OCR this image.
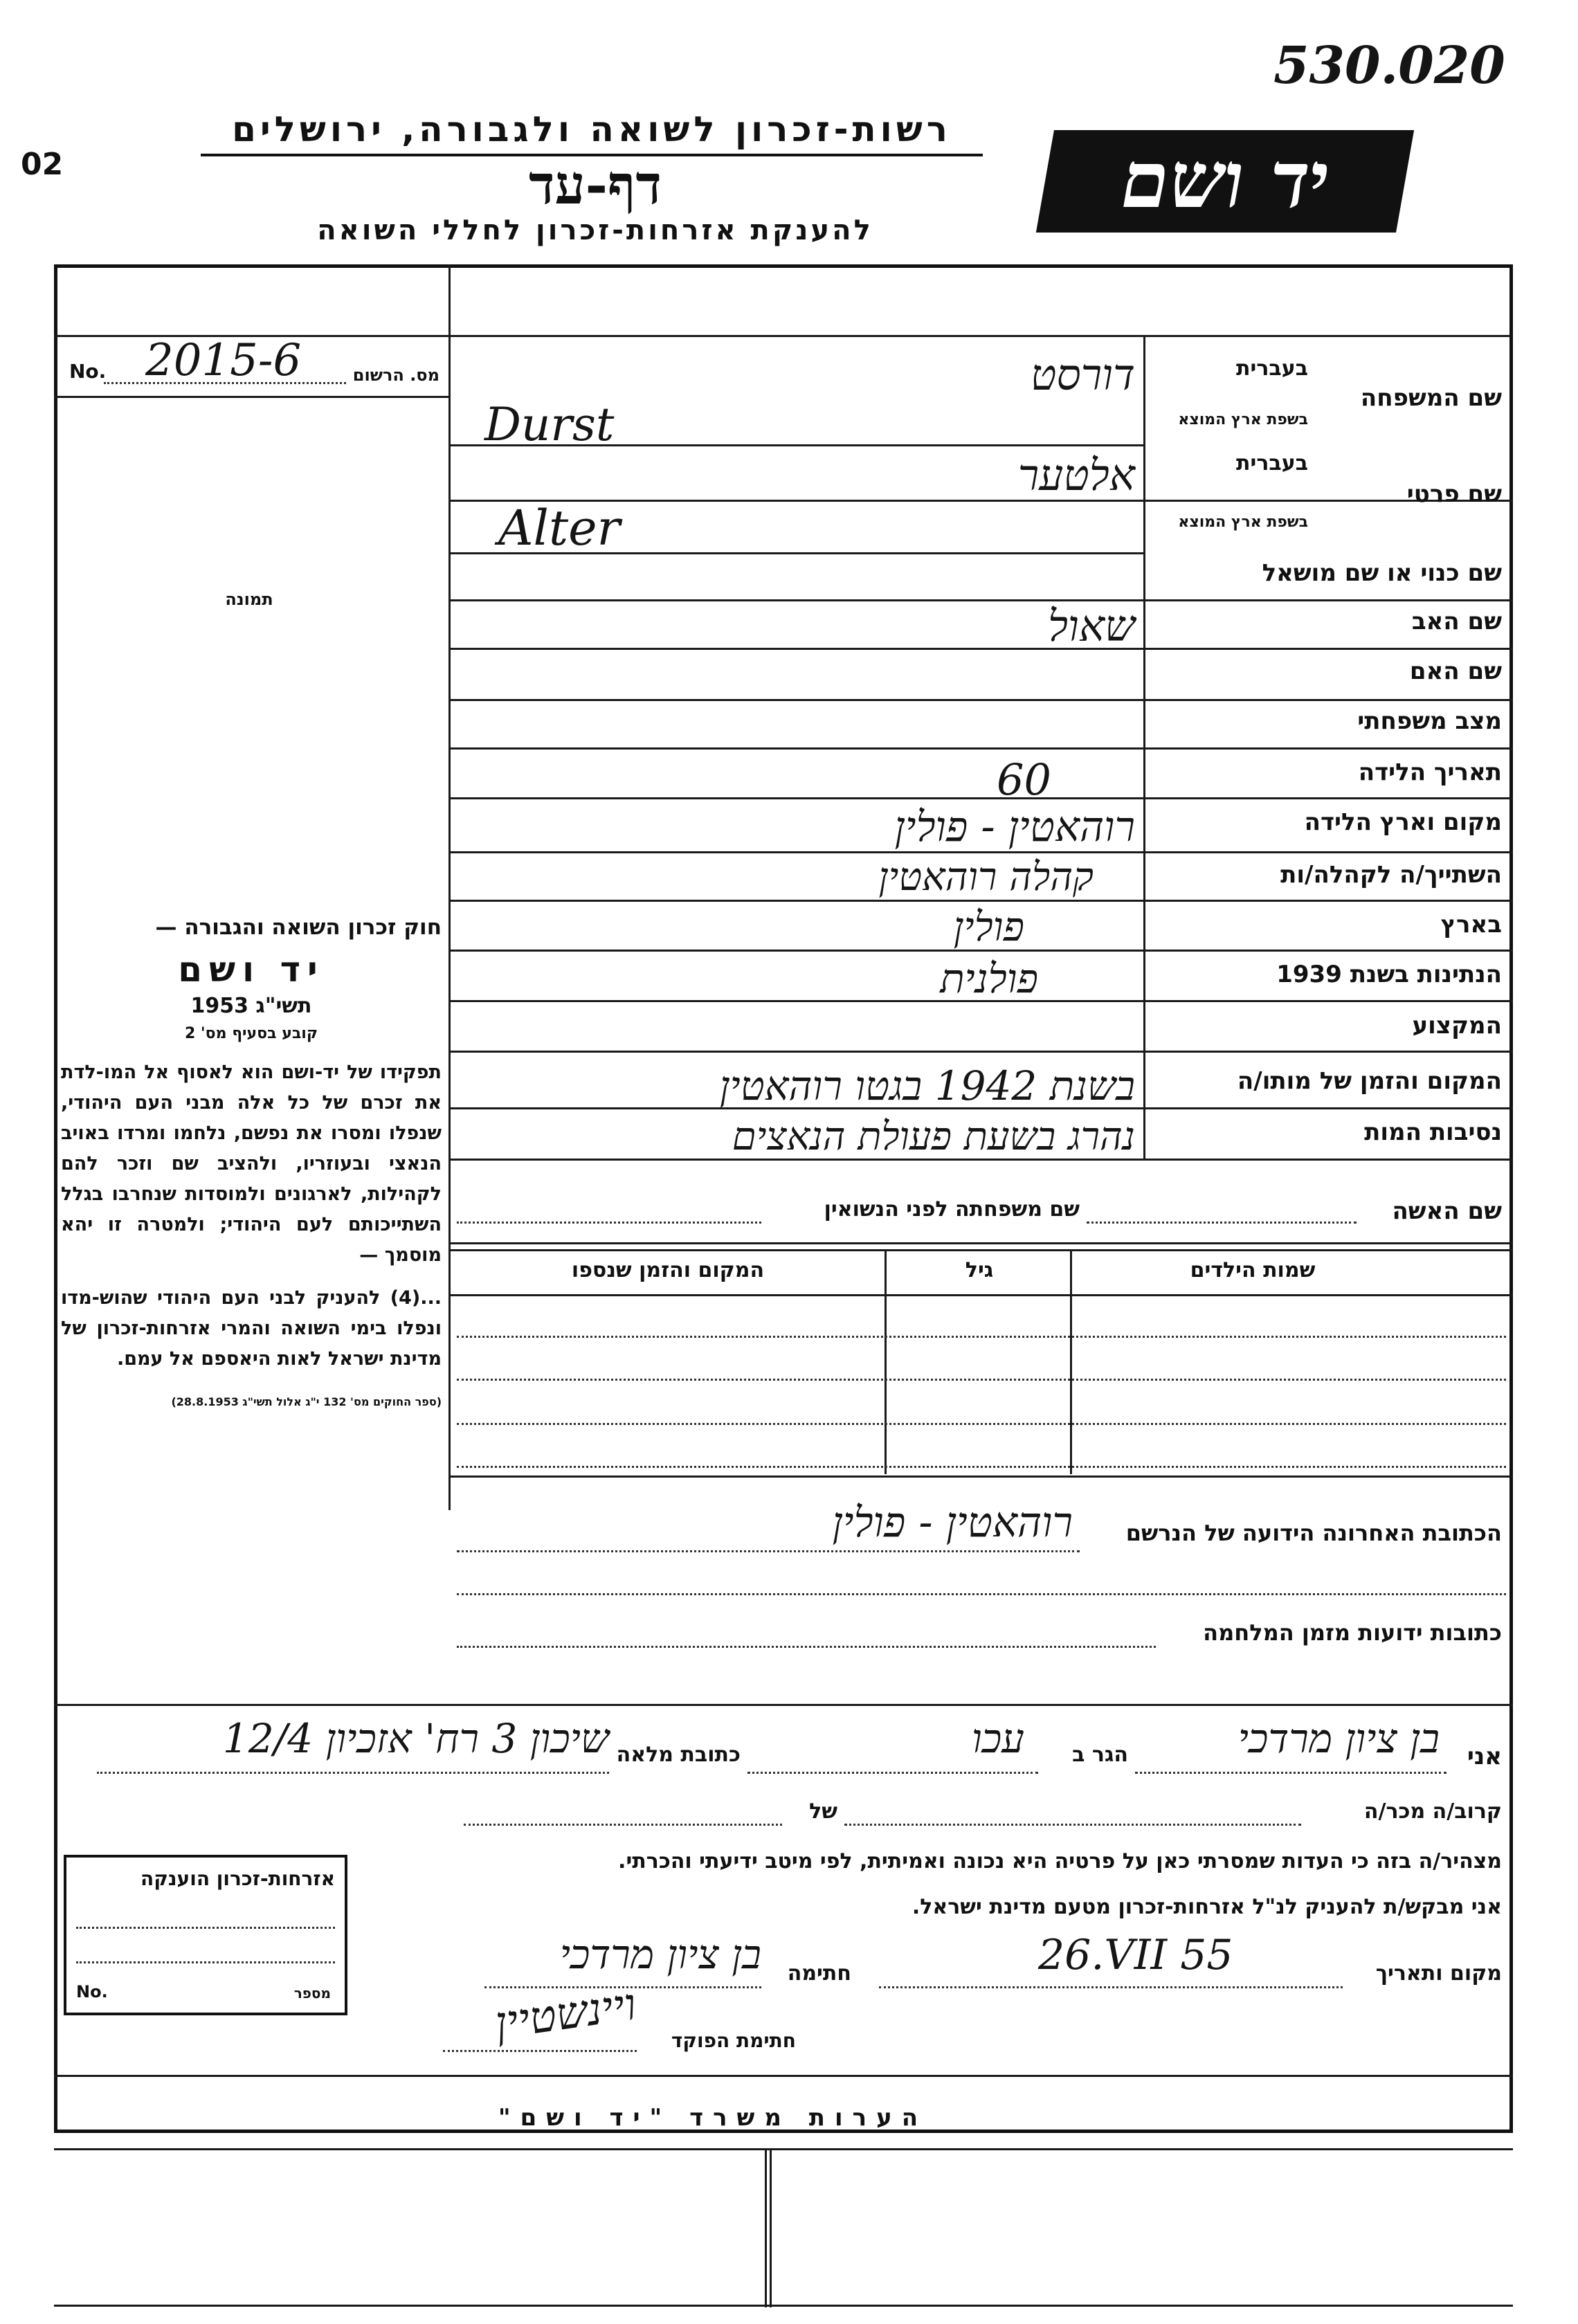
530.020
02
רשות-זכרון לשואה ולגבורה, ירושלים
דף-עד
להענקת אזרחות-זכרון לחללי השואה
יד ושם
No. 2015-6	מס. הרשום
תמונה

חוק זכרון השואה והגבורה —

יד ושם

תשי"ג 1953

קובע בסעיף מס' 2

תפקידו של יד-ושם הוא לאסוף אל המו-לדת את זכרם של כל אלה מבני העם היהודי, שנפלו ומסרו את נפשם, נלחמו ומרדו באויב הנאצי ובעוזריו, ולהציב שם וזכר להם לקהילות, לארגונים ולמוסדות שנחרבו בגלל השתייכותם לעם היהודי; ולמטרה זו יהא מוסמך —

...(4) להעניק לבני העם היהודי שהוש-מדו ונפלו בימי השואה והמרי אזרחות-זכרון של מדינת ישראל לאות היאספם אל עמם.

(ספר החוקים מס' 132 י"ג אלול תשי"ג 28.8.1953)

שם המשפחה
בעברית
בשפת ארץ המוצא
דורסט
Durst
שם פרטי
בעברית
בשפת ארץ המוצא
אלטער
Alter
שם כנוי או שם מושאל
שם האב
שאול
שם האם
מצב משפחתי
תאריך הלידה
60
מקום וארץ הלידה
רוהאטין - פולין
השתייך/ה לקהלה/ות
קהלה רוהאטין
בארץ
פולין
הנתינות בשנת 1939
פולנית
המקצוע
המקום והזמן של מותו/ה
בשנת 1942 בגטו רוהאטין
נסיבות המות
נהרג בשעת פעולת הנאצים
שם האשה
שם משפחתה לפני הנשואין
שמות הילדים
גיל
המקום והזמן שנספו
הכתובת האחרונה הידועה של הנרשם
רוהאטין - פולין
כתובות ידועות מזמן המלחמה
אני
בן ציון מרדכי
הגר ב
עכו
כתובת מלאה
שיכון 3 רח' אזכיון 12/4
קרוב/ה מכר/ה
של
מצהיר/ה בזה כי העדות שמסרתי כאן על פרטיה היא נכונה ואמיתית, לפי מיטב ידיעתי והכרתי.
אני מבקש/ת להעניק לנ"ל אזרחות-זכרון מטעם מדינת ישראל.
מקום ותאריך
26.VII 55
חתימה
בן ציון מרדכי
חתימת הפוקד
ויינשטיין
אזרחות-זכרון הוענקה
No.	מספר
הערות משרד "יד ושם"
